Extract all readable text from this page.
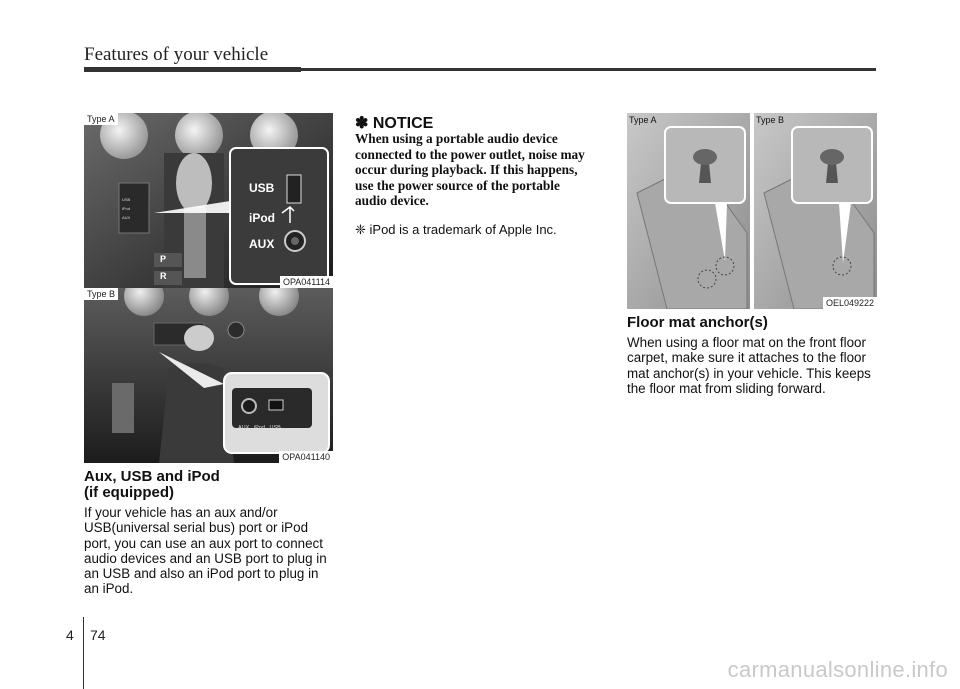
Features of your vehicle
Type A
USB
iPod
AUX
P
R
USB
iPod
AUX
OPA041114
Type B
AUX   iPod   USB
OPA041140
Aux, USB and iPod
(if equipped)
If your vehicle has an aux and/or
USB(universal serial bus) port or iPod
port, you can use an aux port to connect
audio devices and an USB port to plug in
an USB and also an iPod port to plug in
an iPod.
✽ NOTICE
When using a portable audio device
connected to the power outlet, noise may
occur during playback. If this happens,
use the power source of the portable
audio device.
❈ iPod is a trademark of Apple Inc.
Type A	Type B
OEL049222
Floor mat anchor(s)
When using a floor mat on the front floor
carpet, make sure it attaches to the floor
mat anchor(s) in your vehicle. This keeps
the floor mat from sliding forward.
4 74
carmanualsonline.info
